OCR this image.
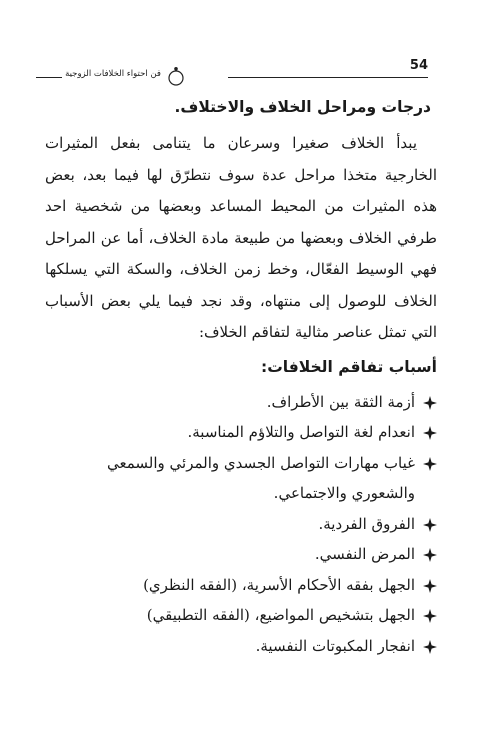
54
فن احتواء الخلافات الزوجية
درجات ومراحل الخلاف والاختلاف.

يبدأ الخلاف صغيرا وسرعان ما يتنامى بفعل المثيرات الخارجية متخذا مراحل عدة سوف نتطرّق لها فيما بعد، بعض هذه المثيرات من المحيط المساعد وبعضها من شخصية احد طرفي الخلاف وبعضها من طبيعة مادة الخلاف، أما عن المراحل فهي الوسيط الفعّال، وخط زمن الخلاف، والسكة التي يسلكها الخلاف للوصول إلى منتهاه، وقد نجد فيما يلي بعض الأسباب التي تمثل عناصر مثالية لتفاقم الخلاف:

أسباب تفاقم الخلافات:
أزمة الثقة بين الأطراف.
انعدام لغة التواصل والتلاؤم المناسبة.
غياب مهارات التواصل الجسدي والمرئي والسمعي والشعوري والاجتماعي.
الفروق الفردية.
المرض النفسي.
الجهل بفقه الأحكام الأسرية، (الفقه النظري)
الجهل بتشخيص المواضيع، (الفقه التطبيقي)
انفجار المكبوتات النفسية.
